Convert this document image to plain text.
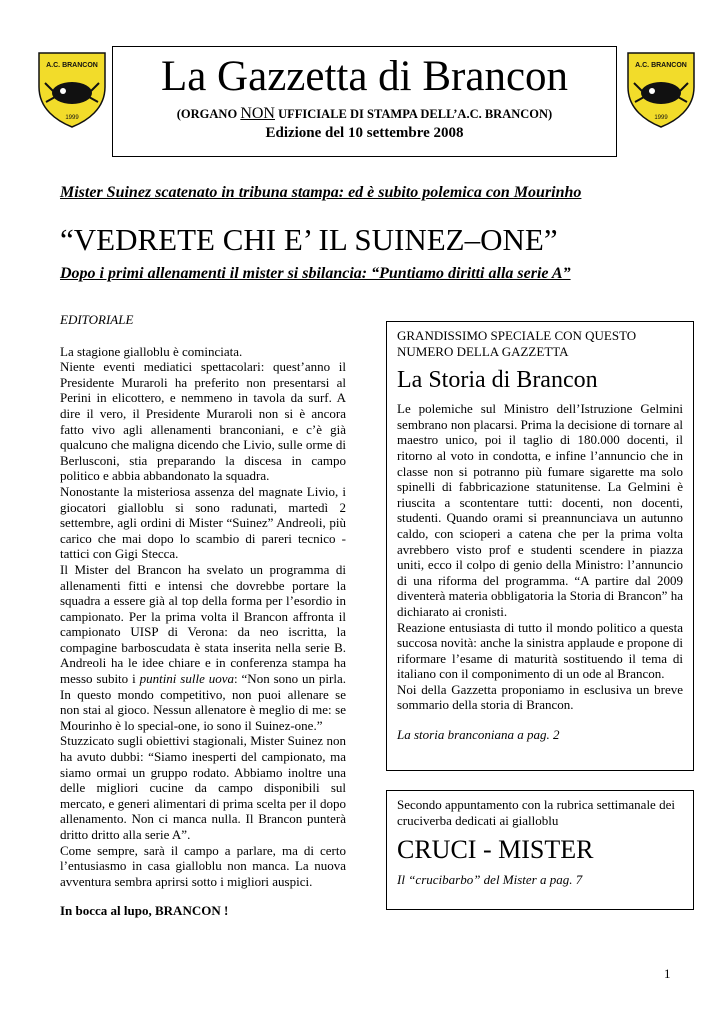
A.C. BRANCON
1999
A.C. BRANCON
1999
La Gazzetta di Brancon
(ORGANO NON UFFICIALE DI STAMPA DELL’A.C. BRANCON)
Edizione del 10 settembre 2008
Mister Suinez scatenato in tribuna stampa: ed è subito polemica con Mourinho
“VEDRETE CHI E’ IL SUINEZ–ONE”
Dopo i primi allenamenti il mister si sbilancia: “Puntiamo diritti alla serie A”
EDITORIALE

La stagione gialloblu è cominciata.

Niente eventi mediatici spettacolari: quest’anno il Presidente Muraroli ha preferito non presentarsi al Perini in elicottero, e nemmeno in tavola da surf. A dire il vero, il Presidente Muraroli non si è ancora fatto vivo agli allenamenti branconiani, e c’è già qualcuno che maligna dicendo che Livio, sulle orme di Berlusconi, stia preparando la discesa in campo politico e abbia abbandonato la squadra.

Nonostante la misteriosa assenza del magnate Livio, i giocatori gialloblu si sono radunati, martedì 2 settembre, agli ordini di Mister “Suinez” Andreoli, più carico che mai dopo lo scambio di pareri tecnico - tattici con Gigi Stecca.

Il Mister del Brancon ha svelato un programma di allenamenti fitti e intensi che dovrebbe portare la squadra a essere già al top della forma per l’esordio in campionato. Per la prima volta il Brancon affronta il campionato UISP di Verona: da neo iscritta, la compagine barboscudata è stata inserita nella serie B. Andreoli ha le idee chiare e in conferenza stampa ha messo subito i puntini sulle uova: “Non sono un pirla. In questo mondo competitivo, non puoi allenare se non stai al gioco. Nessun allenatore è meglio di me: se Mourinho è lo special-one, io sono il Suinez-one.”

Stuzzicato sugli obiettivi stagionali, Mister Suinez non ha avuto dubbi: “Siamo inesperti del campionato, ma siamo ormai un gruppo rodato. Abbiamo inoltre una delle migliori cucine da campo disponibili sul mercato, e generi alimentari di prima scelta per il dopo allenamento. Non ci manca nulla. Il Brancon punterà dritto dritto alla serie A”.

Come sempre, sarà il campo a parlare, ma di certo l’entusiasmo in casa gialloblu non manca. La nuova avventura sembra aprirsi sotto i migliori auspici.

In bocca al lupo, BRANCON !

GRANDISSIMO SPECIALE CON QUESTO NUMERO DELLA GAZZETTA
La Storia di Brancon
Le polemiche sul Ministro dell’Istruzione Gelmini sembrano non placarsi. Prima la decisione di tornare al maestro unico, poi il taglio di 180.000 docenti, il ritorno al voto in condotta, e infine l’annuncio che in classe non si potranno più fumare sigarette ma solo spinelli di fabbricazione statunitense. La Gelmini è riuscita a scontentare tutti: docenti, non docenti, studenti. Quando orami si preannunciava un autunno caldo, con scioperi a catena che per la prima volta avrebbero visto prof e studenti scendere in piazza uniti, ecco il colpo di genio della Ministro: l’annuncio di una riforma del programma. “A partire dal 2009 diventerà materia obbligatoria la Storia di Brancon” ha dichiarato ai cronisti.
Reazione entusiasta di tutto il mondo politico a questa succosa novità: anche la sinistra applaude e propone di riformare l’esame di maturità sostituendo il tema di italiano con il componimento di un ode al Brancon.
Noi della Gazzetta proponiamo in esclusiva un breve sommario della storia di Brancon.
La storia branconiana a pag. 2
Secondo appuntamento con la rubrica settimanale dei cruciverba dedicati ai gialloblu
CRUCI - MISTER
Il “crucibarbo” del Mister a pag. 7
1
